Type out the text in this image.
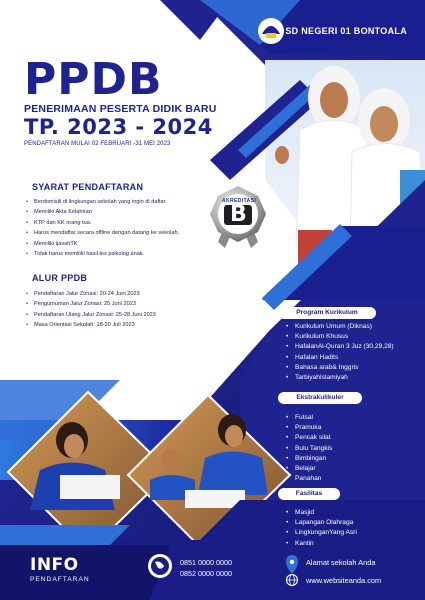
SD NEGERI 01 BONTOALA
PPDB
PENERIMAAN PESERTA DIDIK BARU
TP. 2023 - 2024
PENDAFTARAN MULAI 02 FEBRUARI -31 MEI 2023
SYARAT PENDAFTARAN
• Berdomisili di lingkungan sekolah yang ingin di daftar.
• Memiliki Akta Kelahiran
• KTP dan KK orang tua.
• Harus mendaftar secara offline dengan datang ke sekolah.
• Memiliki ijasahTK
• Tidak harus memiliki hasil tes psikolog anak.
AKREDITASI
B
ALUR PPDB
• Pendaftaran Jalur Zonasi: 20-24 Juni 2023
• Pengumuman Jalur Zonasi: 25 Juni 2023
• Pendaftaran Ulang Jalur Zonasi: 25-28 Juni 2023
• Masa Orientasi Sekolah: 18-20 Juli 2023
Program Kurikulum
• Kurikulum Umum (Diknas)
• Kurikulum Khusus
• HafalanAl-Quran 3 Juz (30,29,28)
• Hafalan Hadits
• Bahasa arab& Inggris
• TarbiyahIslamiyah
Ekstrakulikuler
• Futsal
• Pramuka
• Pencak silat
• Bulu Tangkis
• Bimbingan
• Belajar
• Panahan
Fasilitas
• Masjid
• Lapangan Olahraga
• LingkunganYang Asri
• Kantin
INFO
PENDAFTARAN
0851 0000 0000
0852 0000 0000
Alamat sekolah Anda
www.websiteanda.com
